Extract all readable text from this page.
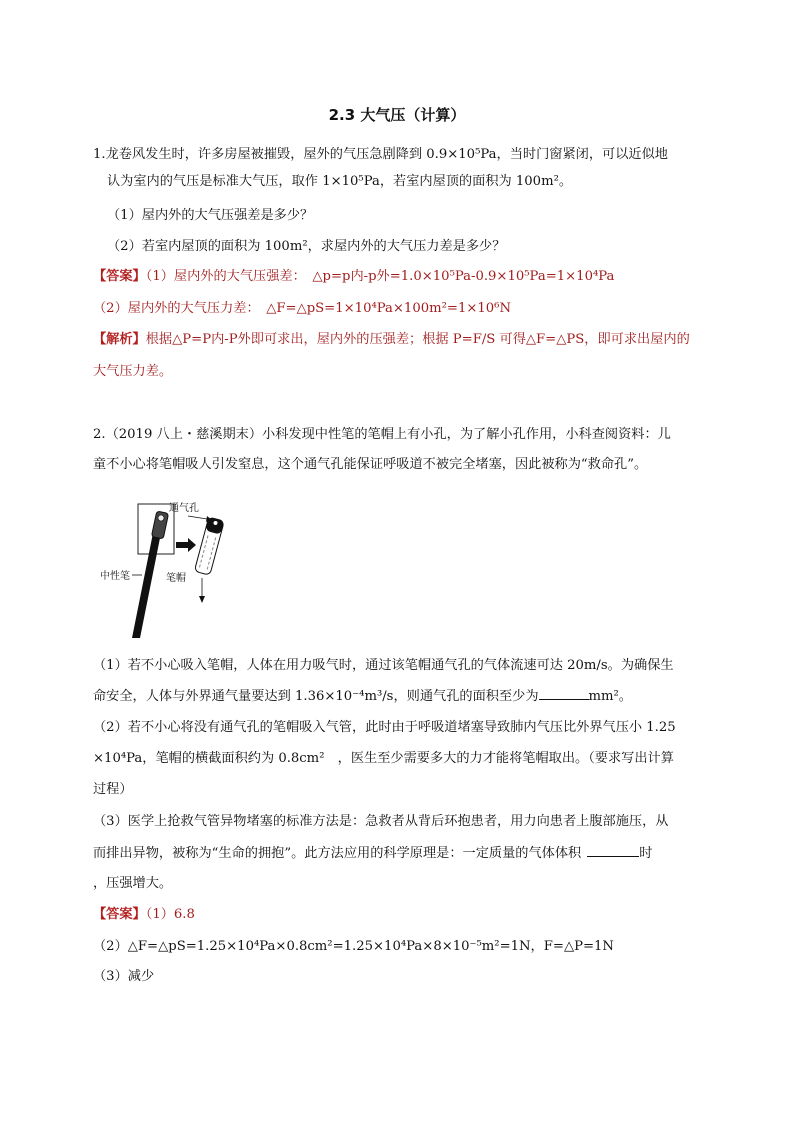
2.3 大气压（计算）
1.龙卷风发生时，许多房屋被摧毁，屋外的气压急剧降到 0.9×10⁵Pa，当时门窗紧闭，可以近似地
认为室内的气压是标准大气压，取作 1×10⁵Pa，若室内屋顶的面积为 100m²。
（1）屋内外的大气压强差是多少？
（2）若室内屋顶的面积为 100m²，求屋内外的大气压力差是多少？
【答案】（1）屋内外的大气压强差：　△p=p内-p外=1.0×10⁵Pa-0.9×10⁵Pa=1×10⁴Pa
（2）屋内外的大气压力差：　△F=△pS=1×10⁴Pa×100m²=1×10⁶N
【解析】根据△P=P内-P外即可求出，屋内外的压强差；根据 P=F/S 可得△F=△PS，即可求出屋内的
大气压力差。
2.（2019 八上・慈溪期末）小科发现中性笔的笔帽上有小孔，为了解小孔作用，小科查阅资料：儿
童不小心将笔帽吸人引发窒息，这个通气孔能保证呼吸道不被完全堵塞，因此被称为“救命孔”。
通气孔
中性笔	笔帽
（1）若不小心吸入笔帽，人体在用力吸气时，通过该笔帽通气孔的气体流速可达 20m/s。为确保生
命安全，人体与外界通气量要达到 1.36×10⁻⁴m³/s，则通气孔的面积至少为	mm²。
（2）若不小心将没有通气孔的笔帽吸入气管，此时由于呼吸道堵塞导致肺内气压比外界气压小 1.25
×10⁴Pa，笔帽的横截面积约为 0.8cm²　，医生至少需要多大的力才能将笔帽取出。（要求写出计算
过程）
（3）医学上抢救气管异物堵塞的标准方法是：急救者从背后环抱患者，用力向患者上腹部施压，从
而排出异物，被称为“生命的拥抱”。此方法应用的科学原理是：一定质量的气体体积	时
，压强增大。
【答案】（1）6.8
（2）△F=△pS=1.25×10⁴Pa×0.8cm²=1.25×10⁴Pa×8×10⁻⁵m²=1N，F=△P=1N
（3）减少
